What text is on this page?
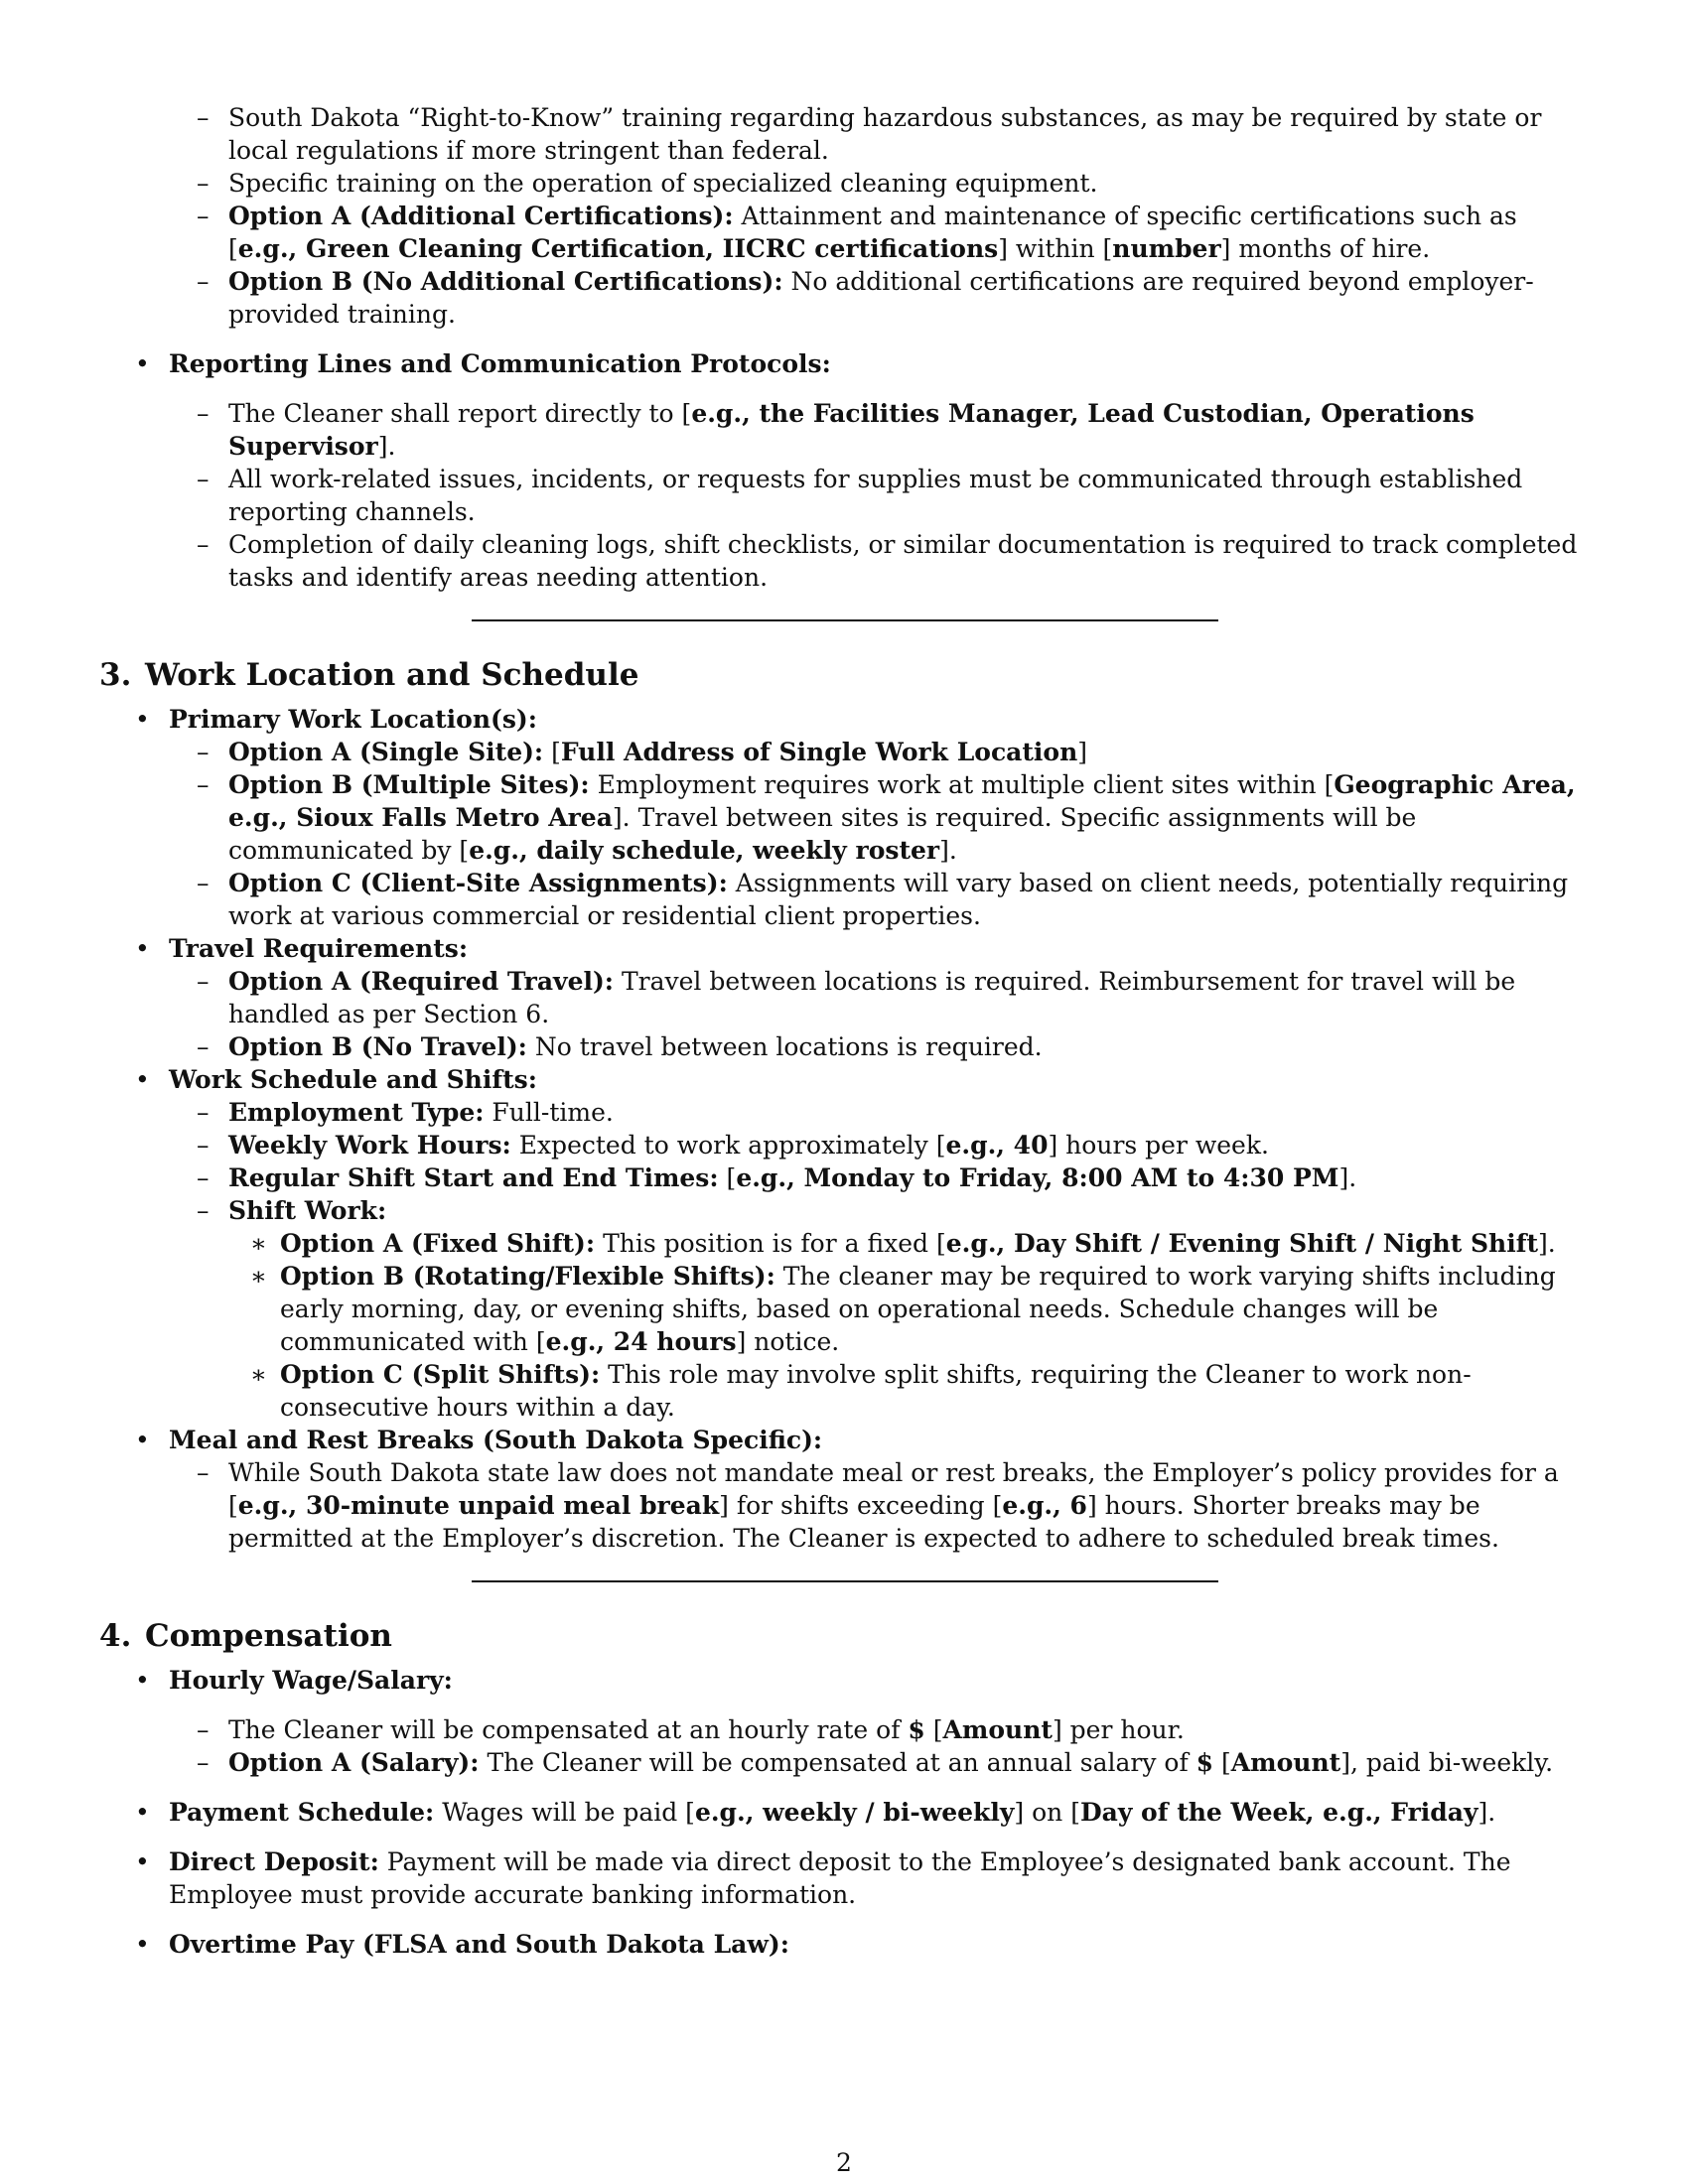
– South Dakota “Right-to-Know” training regarding hazardous substances, as may be required by state or local regulations if more stringent than federal.
– Specific training on the operation of specialized cleaning equipment.
– Option A (Additional Certifications): Attainment and maintenance of specific certifications such as [e.g., Green Cleaning Certification, IICRC certifications] within [number] months of hire.
– Option B (No Additional Certifications): No additional certifications are required beyond employer-provided training.
• Reporting Lines and Communication Protocols:
– The Cleaner shall report directly to [e.g., the Facilities Manager, Lead Custodian, Operations Supervisor].
– All work-related issues, incidents, or requests for supplies must be communicated through established reporting channels.
– Completion of daily cleaning logs, shift checklists, or similar documentation is required to track completed tasks and identify areas needing attention.
3. Work Location and Schedule
• Primary Work Location(s):
– Option A (Single Site): [Full Address of Single Work Location]
– Option B (Multiple Sites): Employment requires work at multiple client sites within [Geographic Area, e.g., Sioux Falls Metro Area]. Travel between sites is required. Specific assignments will be communicated by [e.g., daily schedule, weekly roster].
– Option C (Client-Site Assignments): Assignments will vary based on client needs, potentially requiring work at various commercial or residential client properties.
• Travel Requirements:
– Option A (Required Travel): Travel between locations is required. Reimbursement for travel will be handled as per Section 6.
– Option B (No Travel): No travel between locations is required.
• Work Schedule and Shifts:
– Employment Type: Full-time.
– Weekly Work Hours: Expected to work approximately [e.g., 40] hours per week.
– Regular Shift Start and End Times: [e.g., Monday to Friday, 8:00 AM to 4:30 PM].
– Shift Work:
∗ Option A (Fixed Shift): This position is for a fixed [e.g., Day Shift / Evening Shift / Night Shift].
∗ Option B (Rotating/Flexible Shifts): The cleaner may be required to work varying shifts including early morning, day, or evening shifts, based on operational needs. Schedule changes will be communicated with [e.g., 24 hours] notice.
∗ Option C (Split Shifts): This role may involve split shifts, requiring the Cleaner to work non-consecutive hours within a day.
• Meal and Rest Breaks (South Dakota Specific):
– While South Dakota state law does not mandate meal or rest breaks, the Employer’s policy provides for a [e.g., 30-minute unpaid meal break] for shifts exceeding [e.g., 6] hours. Shorter breaks may be permitted at the Employer’s discretion. The Cleaner is expected to adhere to scheduled break times.
4. Compensation
• Hourly Wage/Salary:
– The Cleaner will be compensated at an hourly rate of $ [Amount] per hour.
– Option A (Salary): The Cleaner will be compensated at an annual salary of $ [Amount], paid bi-weekly.
• Payment Schedule: Wages will be paid [e.g., weekly / bi-weekly] on [Day of the Week, e.g., Friday].
• Direct Deposit: Payment will be made via direct deposit to the Employee’s designated bank account. The Employee must provide accurate banking information.
• Overtime Pay (FLSA and South Dakota Law):
2
